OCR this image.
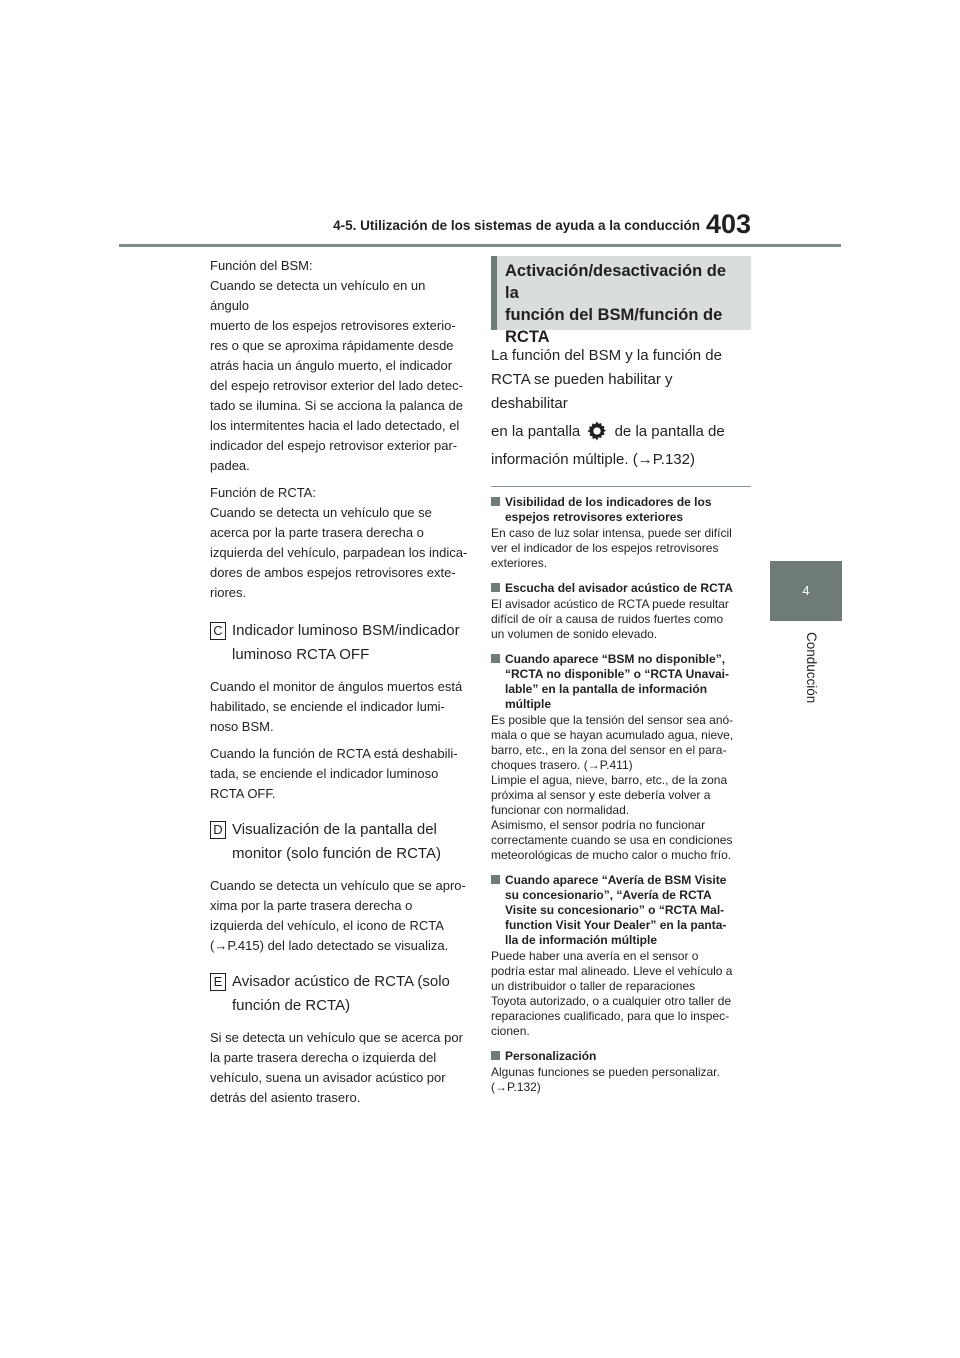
4-5. Utilización de los sistemas de ayuda a la conducción 403
4
Conducción
Función del BSM:
Cuando se detecta un vehículo en un ángulo
muerto de los espejos retrovisores exterio-
res o que se aproxima rápidamente desde
atrás hacia un ángulo muerto, el indicador
del espejo retrovisor exterior del lado detec-
tado se ilumina. Si se acciona la palanca de
los intermitentes hacia el lado detectado, el
indicador del espejo retrovisor exterior par-
padea.
Función de RCTA:
Cuando se detecta un vehículo que se
acerca por la parte trasera derecha o
izquierda del vehículo, parpadean los indica-
dores de ambos espejos retrovisores exte-
riores.
C Indicador luminoso BSM/indicador
luminoso RCTA OFF
Cuando el monitor de ángulos muertos está
habilitado, se enciende el indicador lumi-
noso BSM.
Cuando la función de RCTA está deshabili-
tada, se enciende el indicador luminoso
RCTA OFF.
D Visualización de la pantalla del
monitor (solo función de RCTA)
Cuando se detecta un vehículo que se apro-
xima por la parte trasera derecha o
izquierda del vehículo, el icono de RCTA
(→P.415) del lado detectado se visualiza.
E Avisador acústico de RCTA (solo
función de RCTA)
Si se detecta un vehículo que se acerca por
la parte trasera derecha o izquierda del
vehículo, suena un avisador acústico por
detrás del asiento trasero.
Activación/desactivación de la
función del BSM/función de
RCTA
La función del BSM y la función de
RCTA se pueden habilitar y deshabilitar
en la pantalla de la pantalla de
información múltiple. (→P.132)
Visibilidad de los indicadores de los
espejos retrovisores exteriores
En caso de luz solar intensa, puede ser difícil
ver el indicador de los espejos retrovisores
exteriores.
Escucha del avisador acústico de RCTA
El avisador acústico de RCTA puede resultar
difícil de oír a causa de ruidos fuertes como
un volumen de sonido elevado.
Cuando aparece “BSM no disponible”,
“RCTA no disponible” o “RCTA Unavai-
lable” en la pantalla de información
múltiple
Es posible que la tensión del sensor sea anó-
mala o que se hayan acumulado agua, nieve,
barro, etc., en la zona del sensor en el para-
choques trasero. (→P.411)
Limpie el agua, nieve, barro, etc., de la zona
próxima al sensor y este debería volver a
funcionar con normalidad.
Asimismo, el sensor podría no funcionar
correctamente cuando se usa en condiciones
meteorológicas de mucho calor o mucho frío.
Cuando aparece “Avería de BSM Visite
su concesionario”, “Avería de RCTA
Visite su concesionario” o “RCTA Mal-
function Visit Your Dealer” en la panta-
lla de información múltiple
Puede haber una avería en el sensor o
podría estar mal alineado. Lleve el vehículo a
un distribuidor o taller de reparaciones
Toyota autorizado, o a cualquier otro taller de
reparaciones cualificado, para que lo inspec-
cionen.
Personalización
Algunas funciones se pueden personalizar.
(→P.132)
